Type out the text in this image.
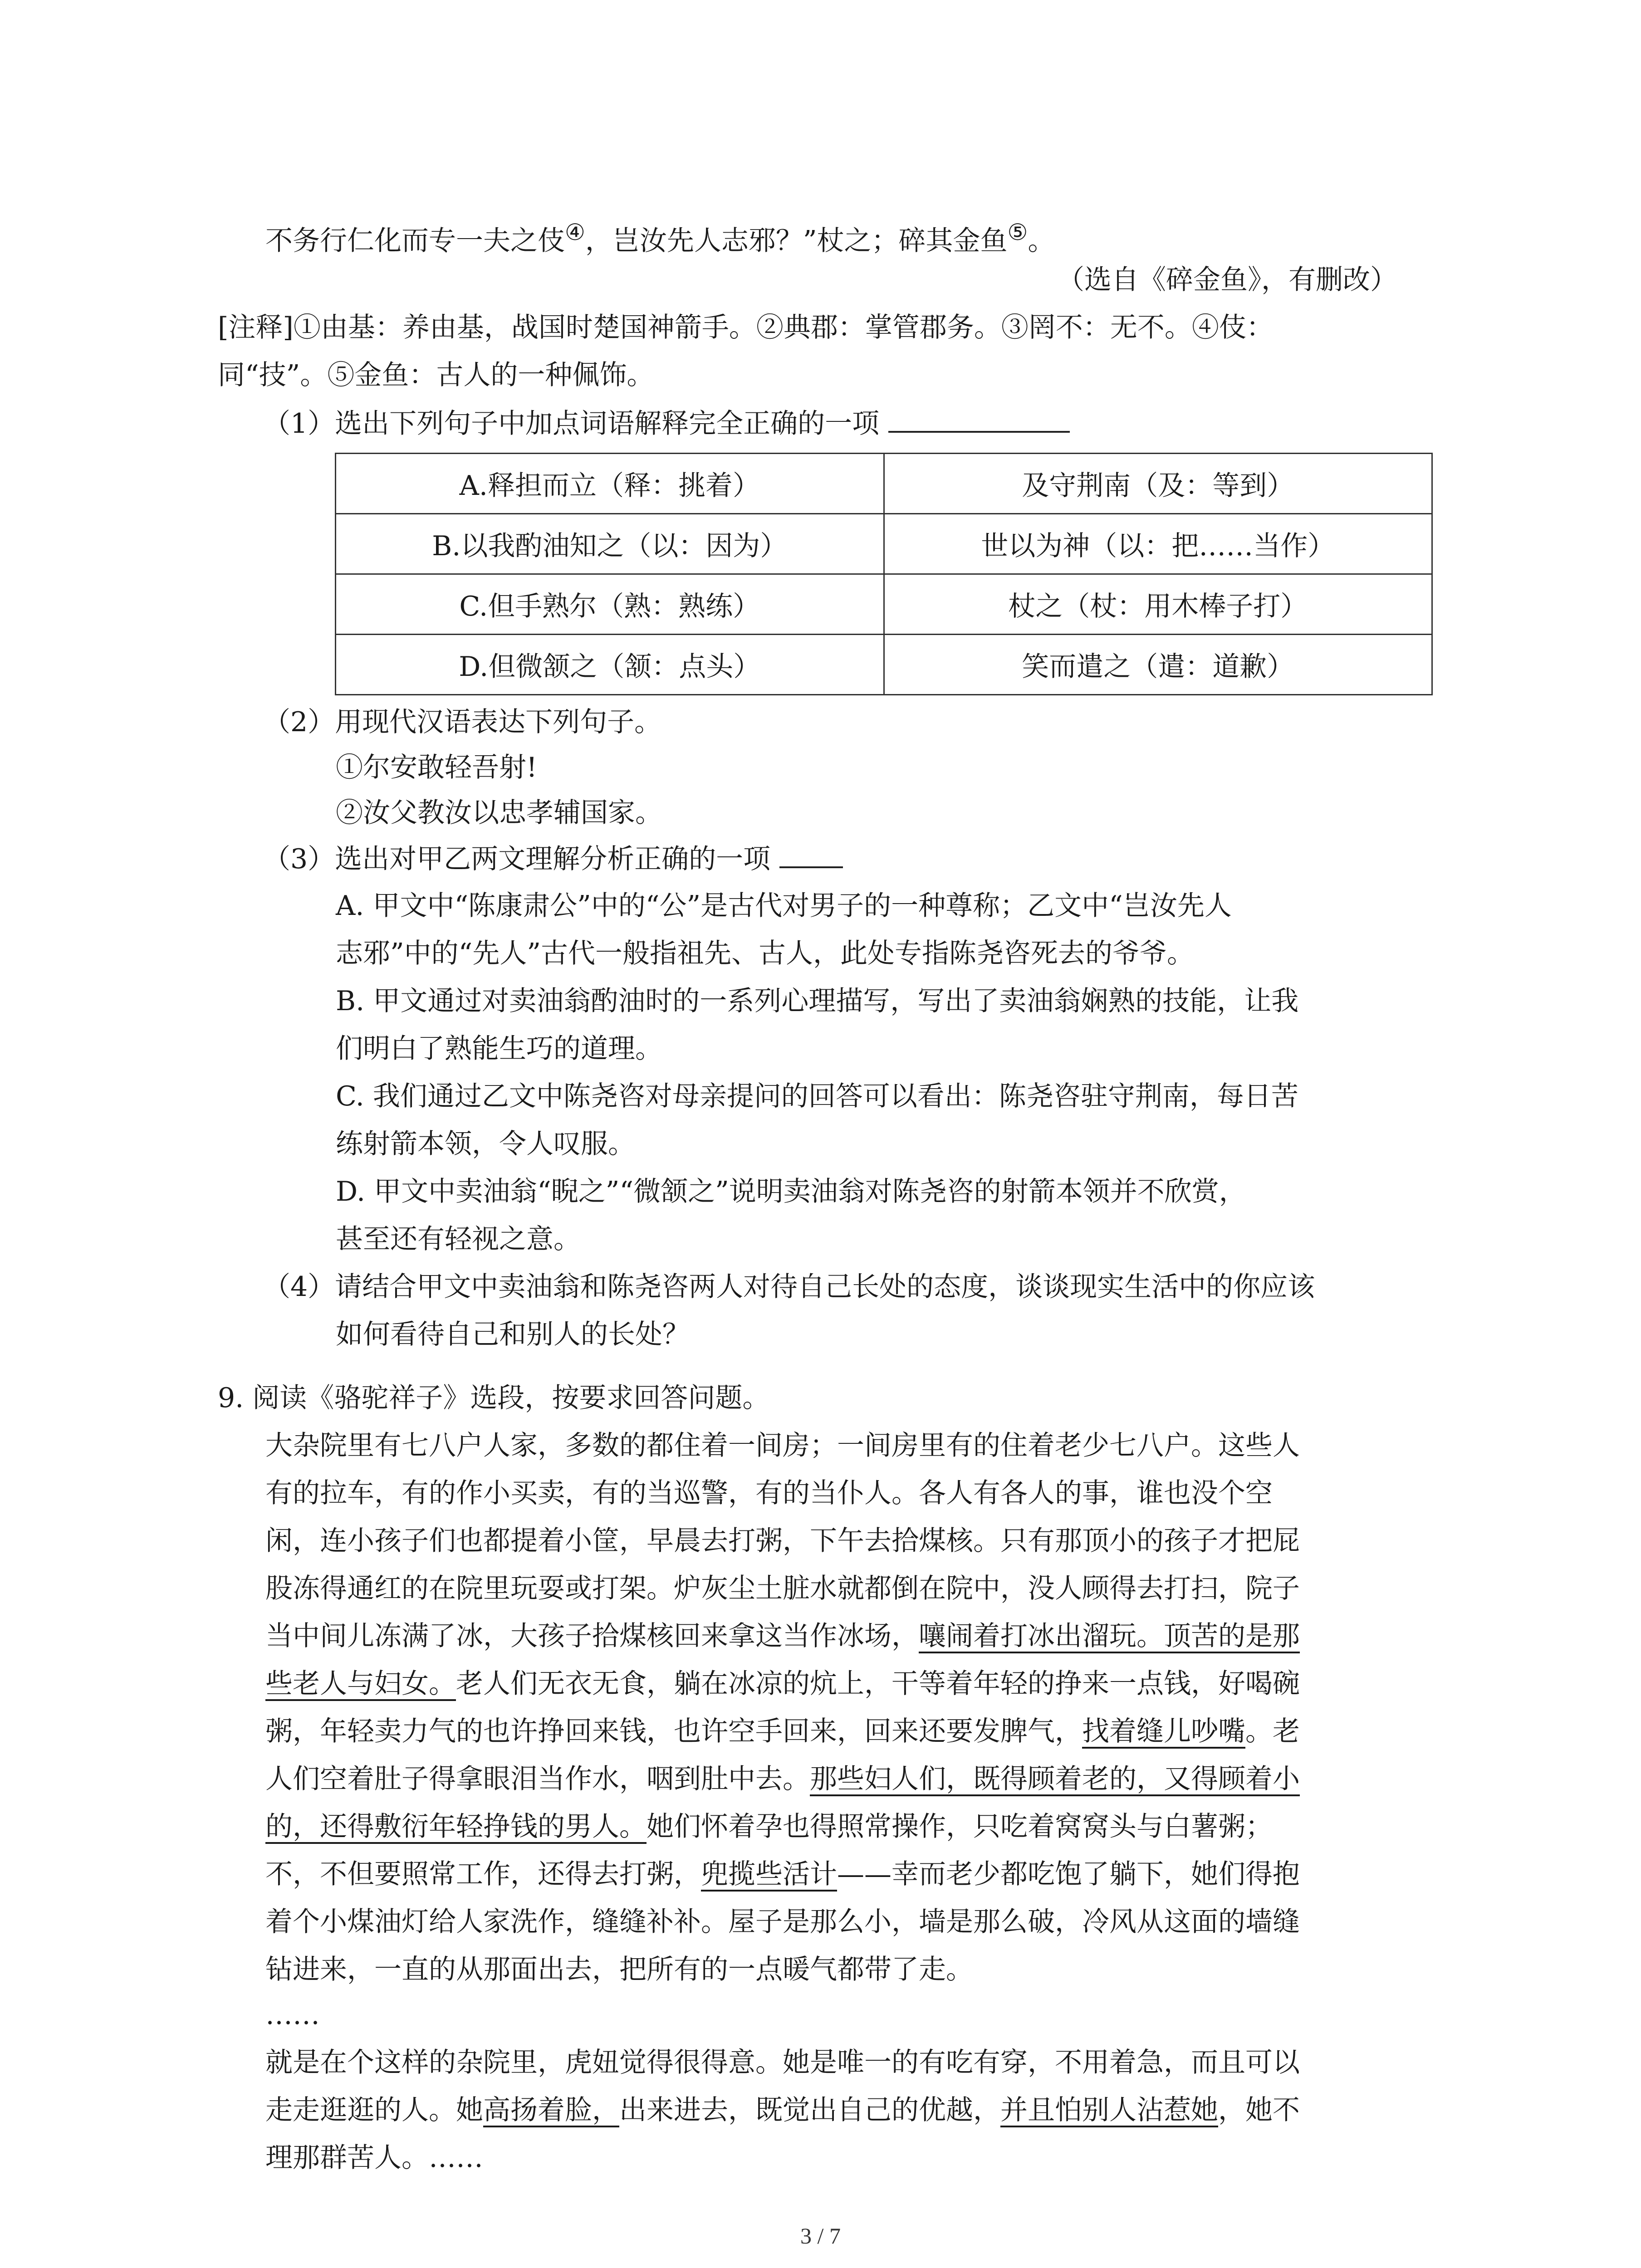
不务行仁化而专一夫之伎④，岂汝先人志邪？”杖之；碎其金鱼⑤。
（选自《碎金鱼》，有删改）
[注释]①由基：养由基，战国时楚国神箭手。②典郡：掌管郡务。③罔不：无不。④伎：
同“技”。⑤金鱼：古人的一种佩饰。
（1）选出下列句子中加点词语解释完全正确的一项
A.释担而立（释：挑着）	及守荆南（及：等到）
B.以我酌油知之（以：因为）	世以为神（以：把……当作）
C.但手熟尔（熟：熟练）	杖之（杖：用木棒子打）
D.但微颔之（颔：点头）	笑而遣之（遣：道歉）
（2）用现代汉语表达下列句子。
①尔安敢轻吾射!
②汝父教汝以忠孝辅国家。
（3）选出对甲乙两文理解分析正确的一项
A. 甲文中“陈康肃公”中的“公”是古代对男子的一种尊称；乙文中“岂汝先人
志邪”中的“先人”古代一般指祖先、古人，此处专指陈尧咨死去的爷爷。
B. 甲文通过对卖油翁酌油时的一系列心理描写，写出了卖油翁娴熟的技能，让我
们明白了熟能生巧的道理。
C. 我们通过乙文中陈尧咨对母亲提问的回答可以看出：陈尧咨驻守荆南，每日苦
练射箭本领，令人叹服。
D. 甲文中卖油翁“睨之”“微颔之”说明卖油翁对陈尧咨的射箭本领并不欣赏，
甚至还有轻视之意。
（4）请结合甲文中卖油翁和陈尧咨两人对待自己长处的态度，谈谈现实生活中的你应该
如何看待自己和别人的长处？
9. 阅读《骆驼祥子》选段，按要求回答问题。
大杂院里有七八户人家，多数的都住着一间房；一间房里有的住着老少七八户。这些人
有的拉车，有的作小买卖，有的当巡警，有的当仆人。各人有各人的事，谁也没个空
闲，连小孩子们也都提着小筐，早晨去打粥，下午去拾煤核。只有那顶小的孩子才把屁
股冻得通红的在院里玩耍或打架。炉灰尘土脏水就都倒在院中，没人顾得去打扫，院子
当中间儿冻满了冰，大孩子拾煤核回来拿这当作冰场，嚷闹着打冰出溜玩。顶苦的是那
些老人与妇女。老人们无衣无食，躺在冰凉的炕上，干等着年轻的挣来一点钱，好喝碗
粥，年轻卖力气的也许挣回来钱，也许空手回来，回来还要发脾气，找着缝儿吵嘴。老
人们空着肚子得拿眼泪当作水，咽到肚中去。那些妇人们，既得顾着老的，又得顾着小
的，还得敷衍年轻挣钱的男人。她们怀着孕也得照常操作，只吃着窝窝头与白薯粥；
不，不但要照常工作，还得去打粥，兜揽些活计——幸而老少都吃饱了躺下，她们得抱
着个小煤油灯给人家洗作，缝缝补补。屋子是那么小，墙是那么破，冷风从这面的墙缝
钻进来，一直的从那面出去，把所有的一点暖气都带了走。
……
就是在个这样的杂院里，虎妞觉得很得意。她是唯一的有吃有穿，不用着急，而且可以
走走逛逛的人。她高扬着脸，出来进去，既觉出自己的优越，并且怕别人沾惹她，她不
理那群苦人。……
3 / 7
